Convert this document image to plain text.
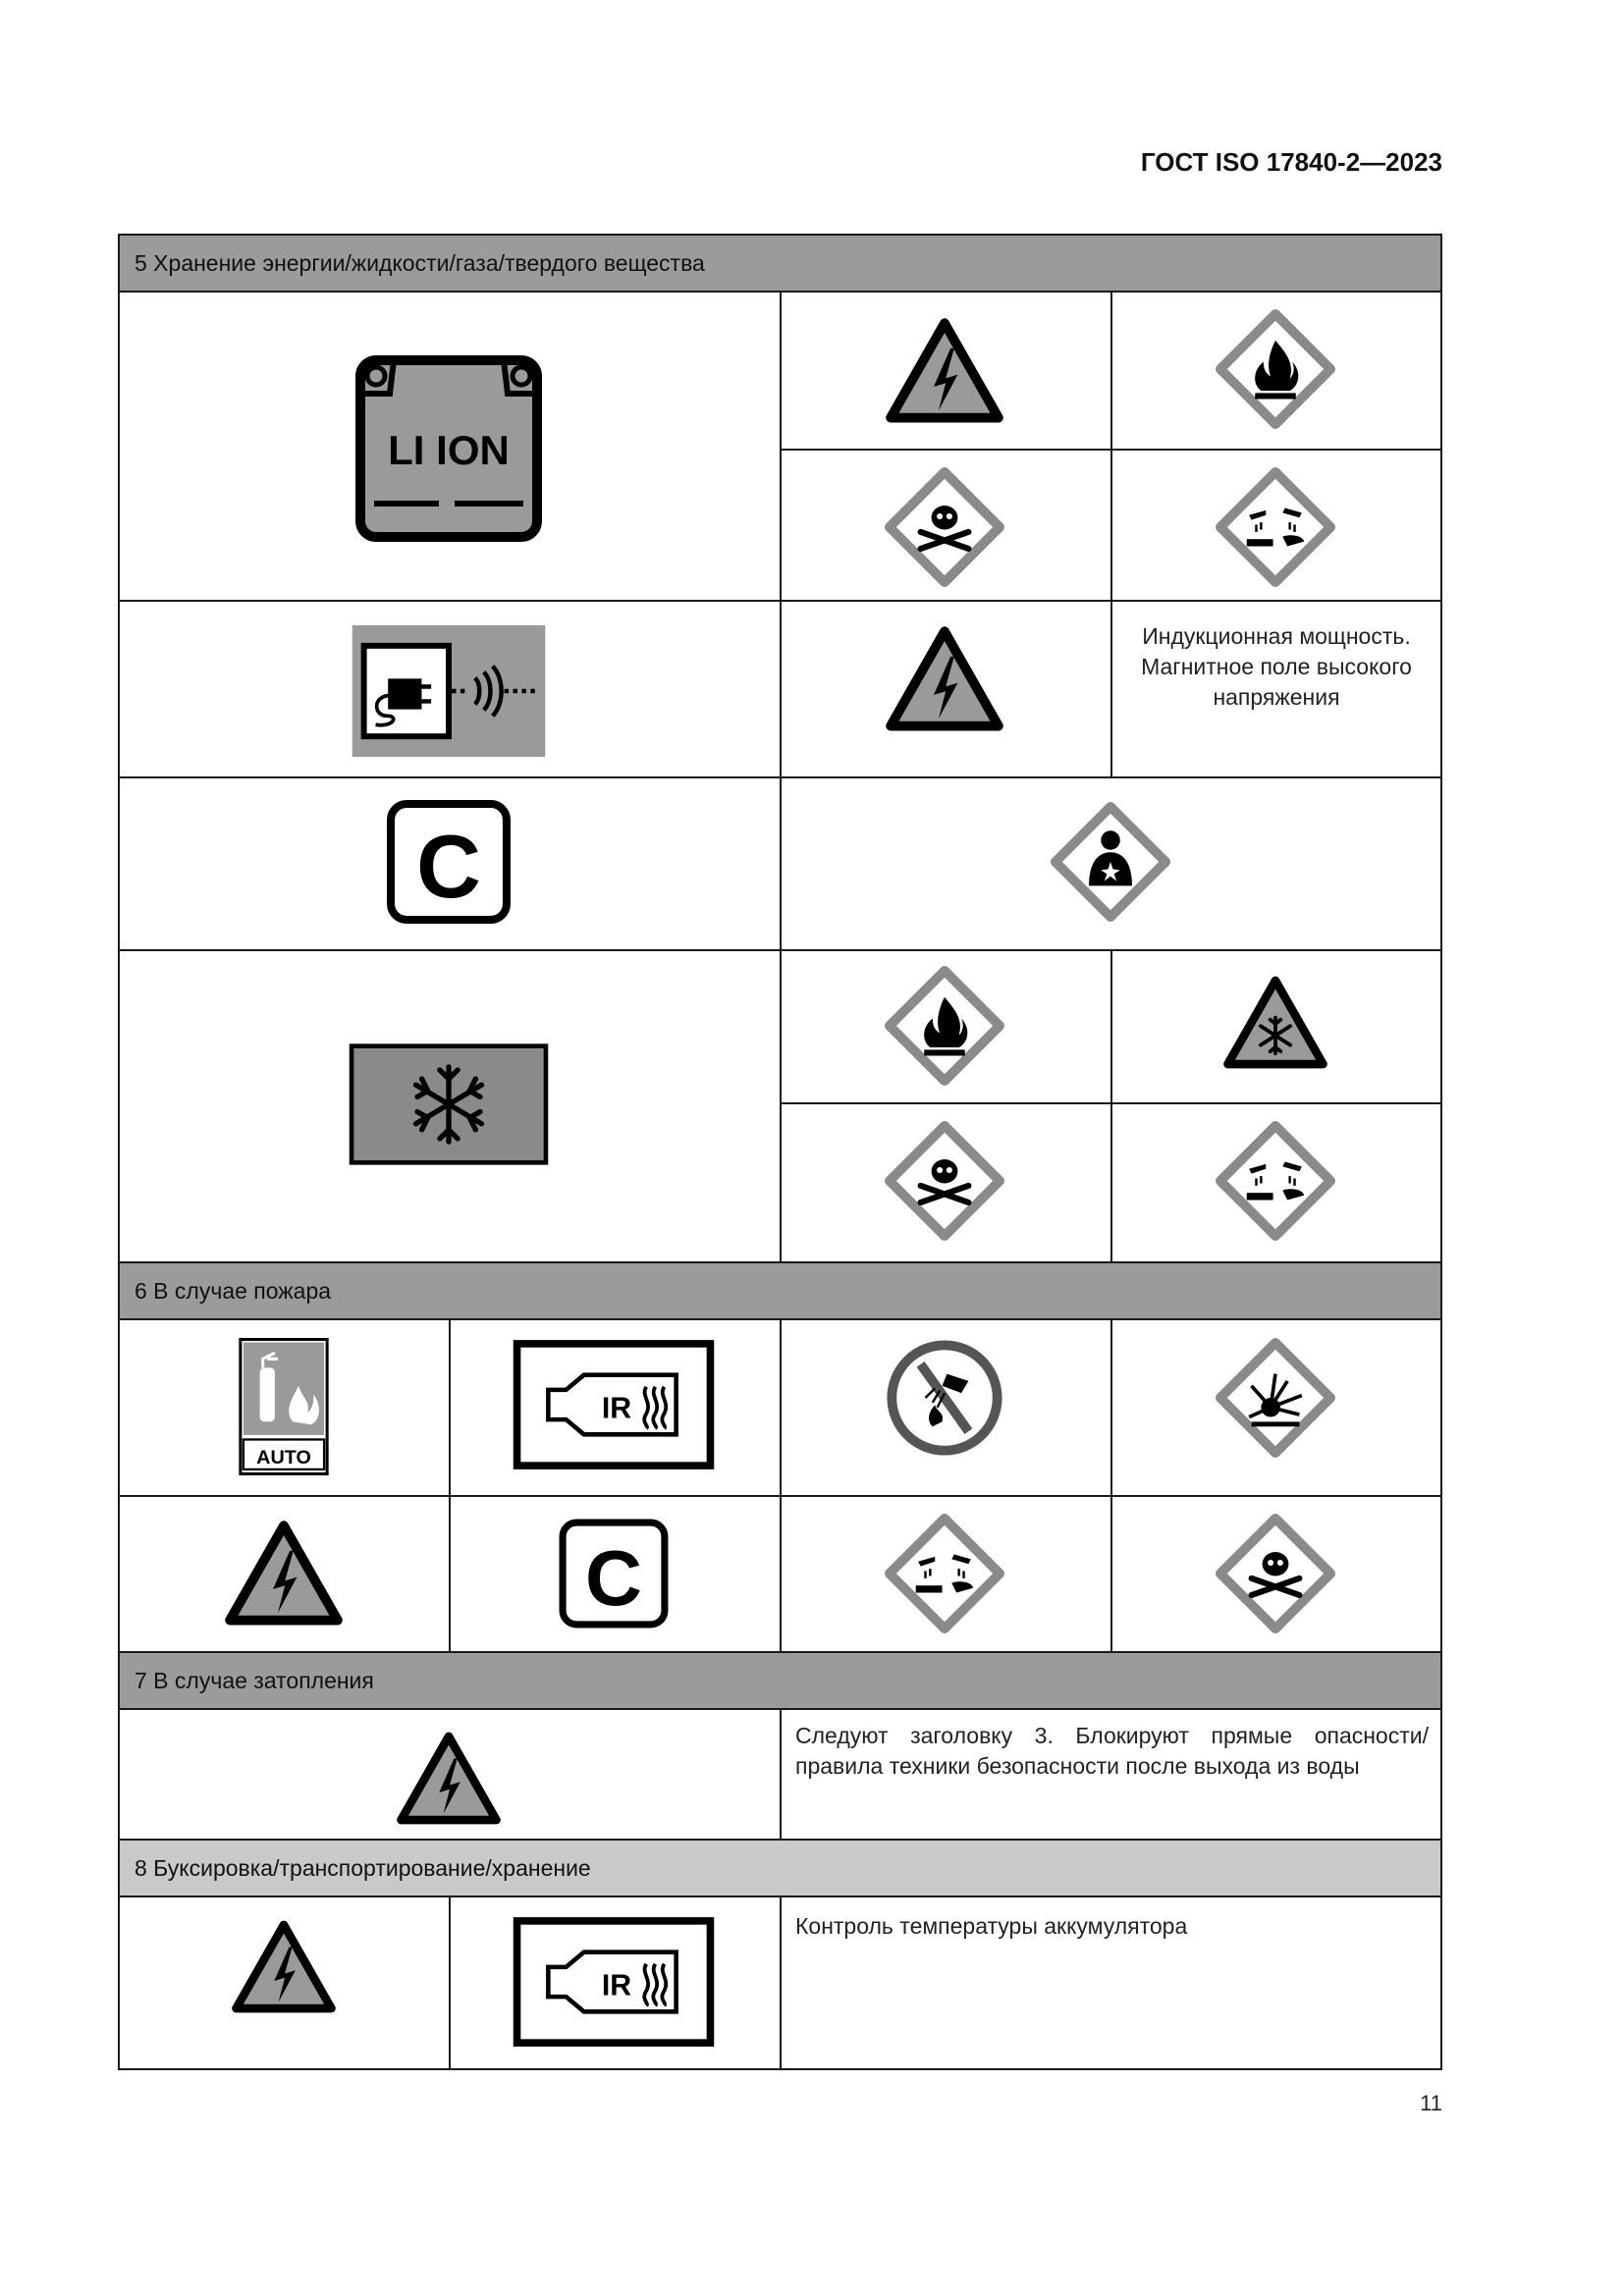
ГОСТ ISO 17840-2—2023
5 Хранение энергии/жидкости/газа/твердого вещества
6 В случае пожара
7 В случае затопления
8 Буксировка/транспортирование/хранение
Индукционная мощность. Магнитное поле высокого напряжения
Следуют заголовку 3. Блокируют прямые опасности/ правила техники безопасности после выхода из воды
Контроль температуры аккумулятора
LI ION
C
AUTO
IR
C
IR
11
